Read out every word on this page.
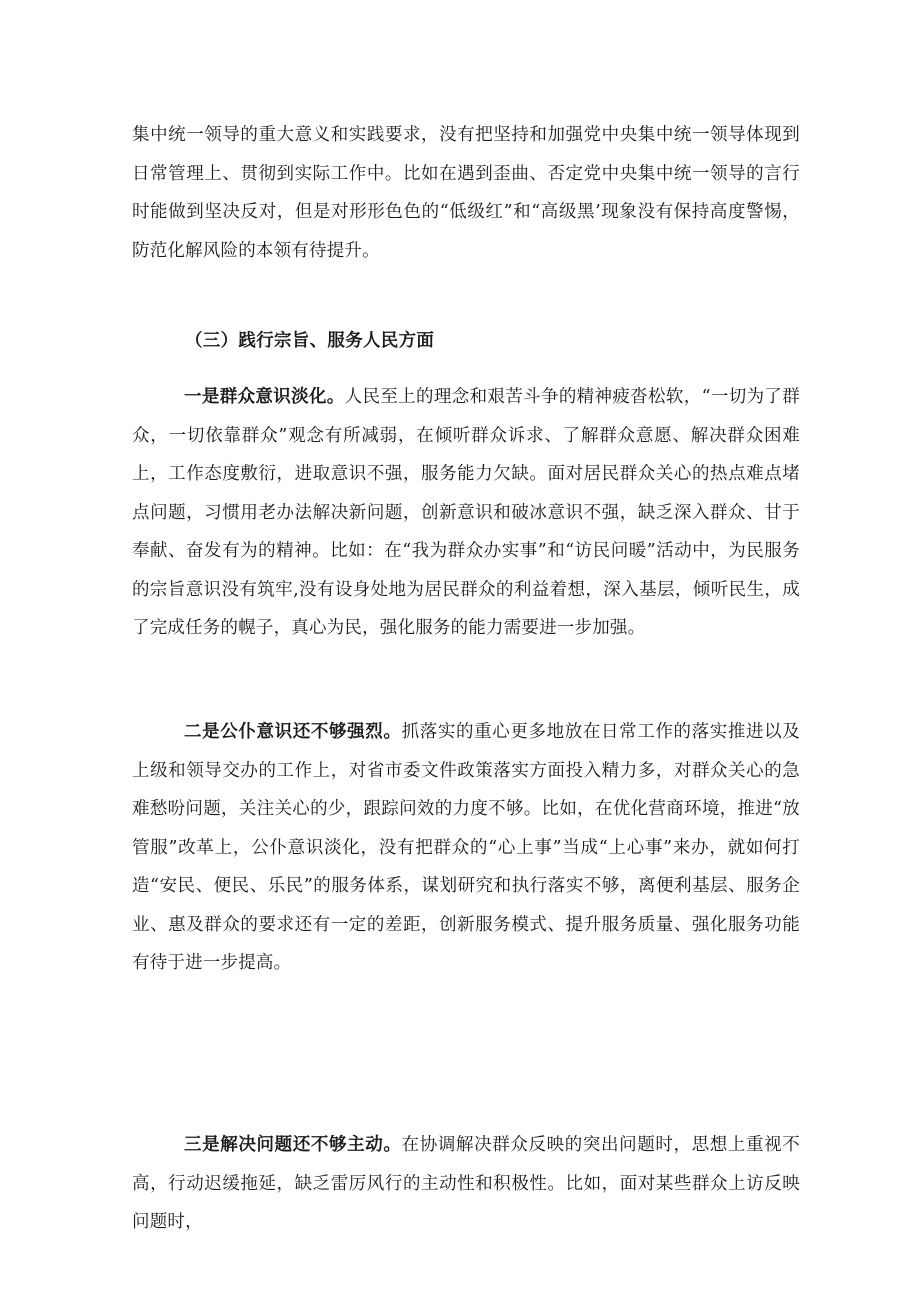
集中统一领导的重大意义和实践要求，没有把坚持和加强党中央集中统一领导体现到日常管理上、贯彻到实际工作中。比如在遇到歪曲、否定党中央集中统一领导的言行时能做到坚决反对，但是对形形色色的“低级红”和“高级黑’现象没有保持高度警惕，防范化解风险的本领有待提升。

（三）践行宗旨、服务人民方面

一是群众意识淡化。人民至上的理念和艰苦斗争的精神疲沓松软，“一切为了群众，一切依靠群众”观念有所减弱，在倾听群众诉求、了解群众意愿、解决群众困难上，工作态度敷衍，进取意识不强，服务能力欠缺。面对居民群众关心的热点难点堵点问题，习惯用老办法解决新问题，创新意识和破冰意识不强，缺乏深入群众、甘于奉献、奋发有为的精神。比如：在“我为群众办实事”和“访民问暖”活动中，为民服务的宗旨意识没有筑牢,没有设身处地为居民群众的利益着想，深入基层，倾听民生，成了完成任务的幌子，真心为民，强化服务的能力需要进一步加强。

二是公仆意识还不够强烈。抓落实的重心更多地放在日常工作的落实推进以及上级和领导交办的工作上，对省市委文件政策落实方面投入精力多，对群众关心的急难愁吩问题，关注关心的少，跟踪问效的力度不够。比如，在优化营商环境，推进“放管服”改革上，公仆意识淡化，没有把群众的“心上事”当成“上心事”来办，就如何打造“安民、便民、乐民”的服务体系，谋划研究和执行落实不够，离便利基层、服务企业、惠及群众的要求还有一定的差距，创新服务模式、提升服务质量、强化服务功能有待于进一步提高。

三是解决问题还不够主动。在协调解决群众反映的突出问题时，思想上重视不高，行动迟缓拖延，缺乏雷厉风行的主动性和积极性。比如，面对某些群众上访反映问题时，
